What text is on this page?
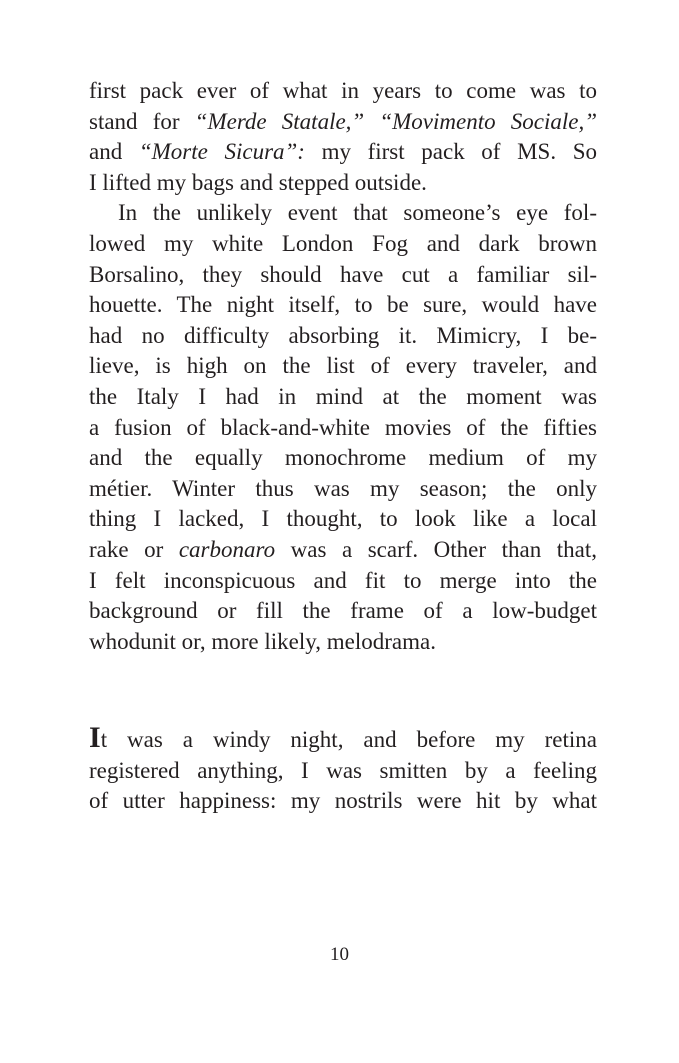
first pack ever of what in years to come was to
stand for “Merde Statale,” “Movimento Sociale,”
and “Morte Sicura”: my first pack of MS. So
I lifted my bags and stepped outside.

In the unlikely event that someone’s eye fol-
lowed my white London Fog and dark brown
Borsalino, they should have cut a familiar sil-
houette. The night itself, to be sure, would have
had no difficulty absorbing it. Mimicry, I be-
lieve, is high on the list of every traveler, and
the Italy I had in mind at the moment was
a fusion of black-and-white movies of the fifties
and the equally monochrome medium of my
métier. Winter thus was my season; the only
thing I lacked, I thought, to look like a local
rake or carbonaro was a scarf. Other than that,
I felt inconspicuous and fit to merge into the
background or fill the frame of a low-budget
whodunit or, more likely, melodrama.

It was a windy night, and before my retina
registered anything, I was smitten by a feeling
of utter happiness: my nostrils were hit by what

10
